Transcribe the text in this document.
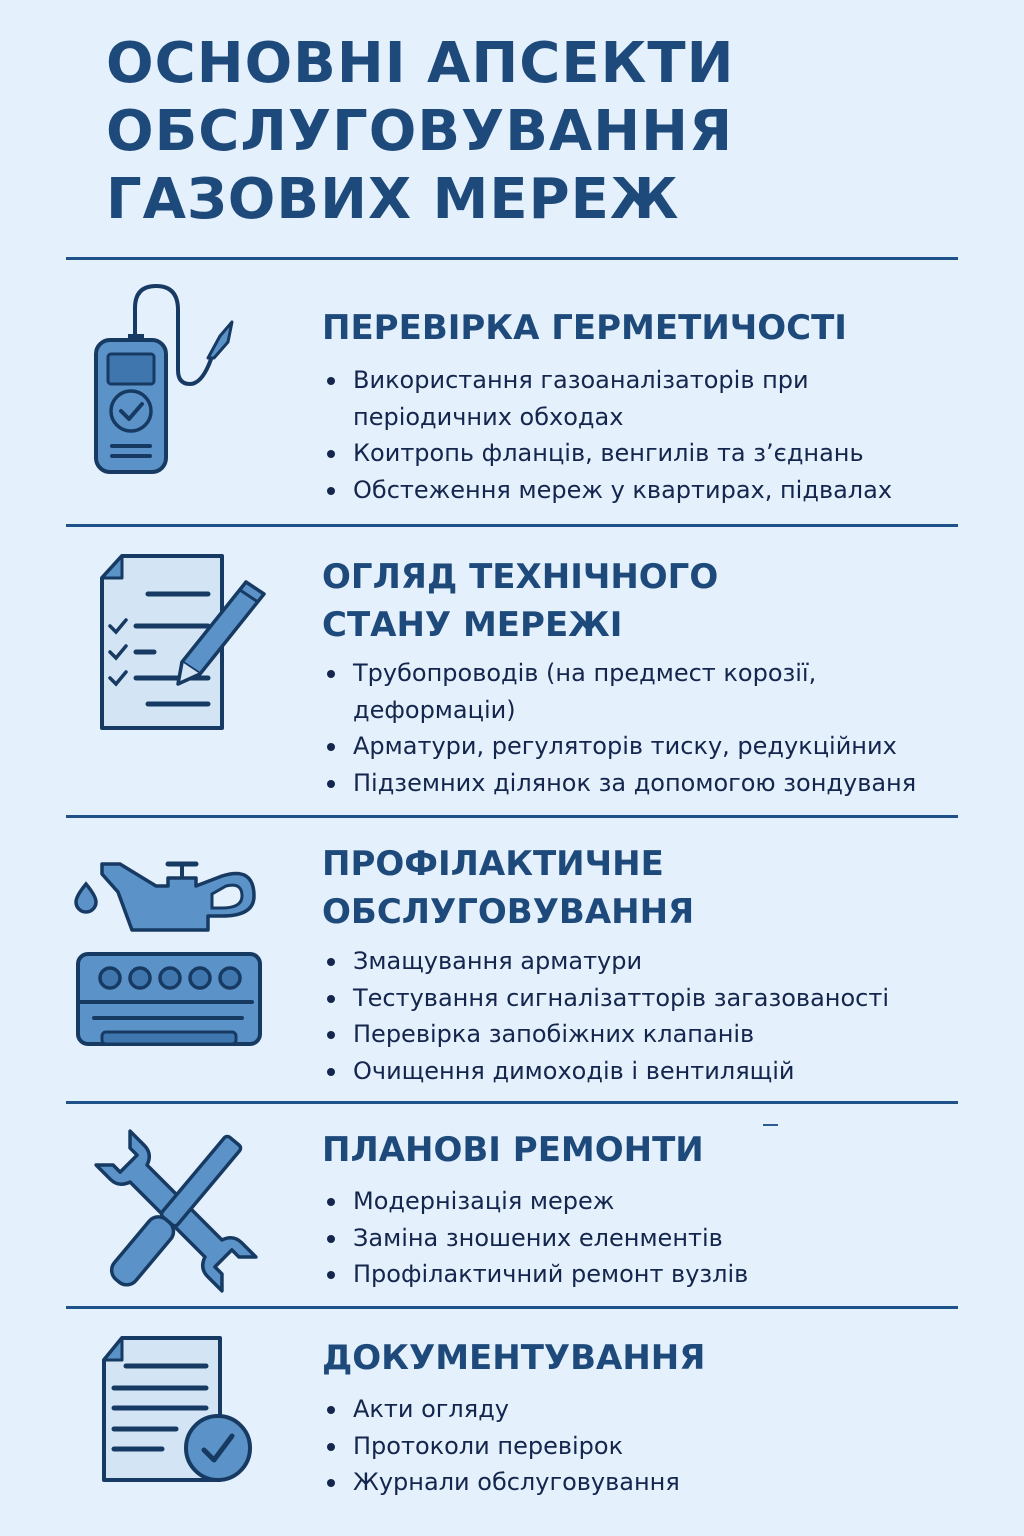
ОСНОВНІ АПСЕКТИ
ОБСЛУГОВУВАННЯ
ГАЗОВИХ МЕРЕЖ
ПЕРЕВІРКА ГЕРМЕТИЧОСТІ
Використання газоаналізаторів при
періодичних обходах
Коитропь фланців, венгилів та з’єднань
Обстеження мереж у квартирах, підвалах
ОГЛЯД ТЕХНІЧНОГО
СТАНУ МЕРЕЖІ
Трубопроводів (на предмест корозії,
деформаціи)
Арматури, регуляторів тиску, редукційних
Підземних ділянок за допомогою зондуваня
ПРОФІЛАКТИЧНЕ
ОБСЛУГОВУВАННЯ
Змащування арматури
Тестування сигналізатторів загазованості
Перевірка запобіжних клапанів
Очищення димоходів і вентилящій
ПЛАНОВІ РЕМОНТИ
Модернізація мереж
Заміна зношених еленментів
Профілактичний ремонт вузлів
ДОКУМЕНТУВАННЯ
Акти огляду
Протоколи перевірок
Журнали обслуговування
